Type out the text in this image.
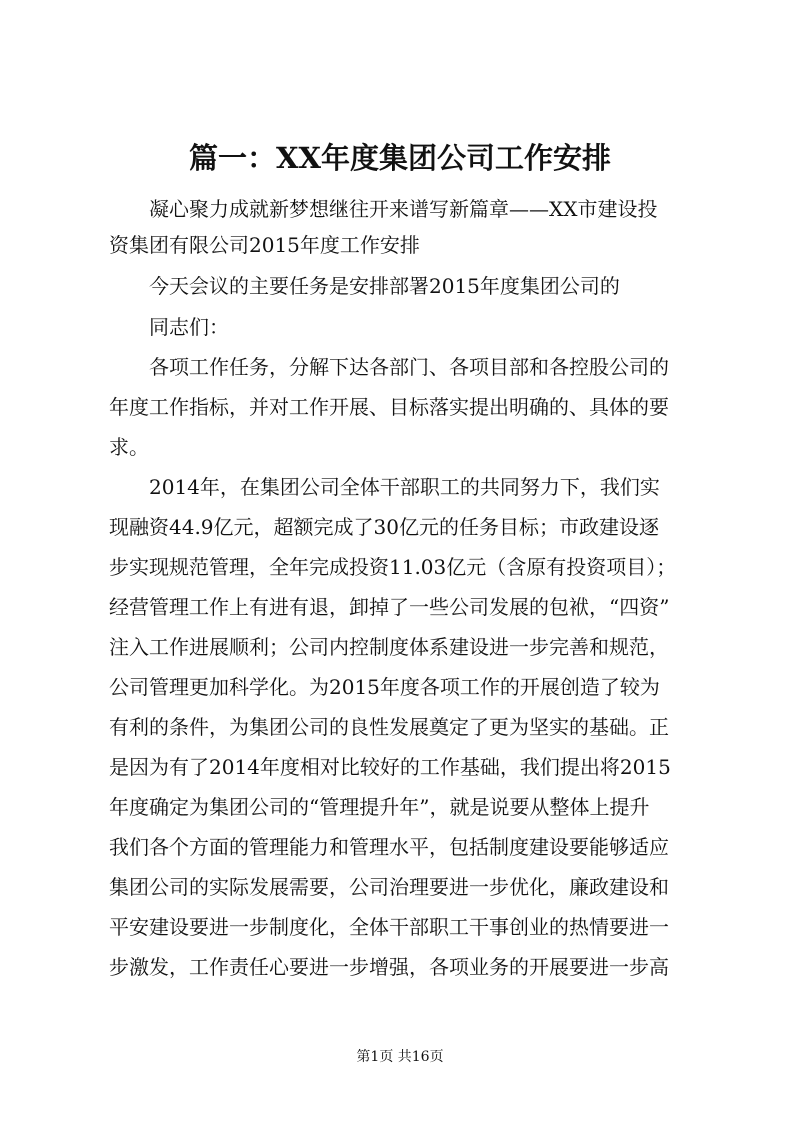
篇一：XX年度集团公司工作安排
　　凝心聚力成就新梦想继往开来谱写新篇章——XX市建设投
资集团有限公司2015年度工作安排
　　今天会议的主要任务是安排部署2015年度集团公司的
　　同志们：
　　各项工作任务，分解下达各部门、各项目部和各控股公司的
年度工作指标，并对工作开展、目标落实提出明确的、具体的要
求。
　　2014年，在集团公司全体干部职工的共同努力下，我们实
现融资44.9亿元，超额完成了30亿元的任务目标；市政建设逐
步实现规范管理，全年完成投资11.03亿元（含原有投资项目）；
经营管理工作上有进有退，卸掉了一些公司发展的包袱，“四资”
注入工作进展顺利；公司内控制度体系建设进一步完善和规范，
公司管理更加科学化。为2015年度各项工作的开展创造了较为
有利的条件，为集团公司的良性发展奠定了更为坚实的基础。正
是因为有了2014年度相对比较好的工作基础，我们提出将2015
年度确定为集团公司的“管理提升年”，就是说要从整体上提升
我们各个方面的管理能力和管理水平，包括制度建设要能够适应
集团公司的实际发展需要，公司治理要进一步优化，廉政建设和
平安建设要进一步制度化，全体干部职工干事创业的热情要进一
步激发，工作责任心要进一步增强，各项业务的开展要进一步高
第1页 共16页
